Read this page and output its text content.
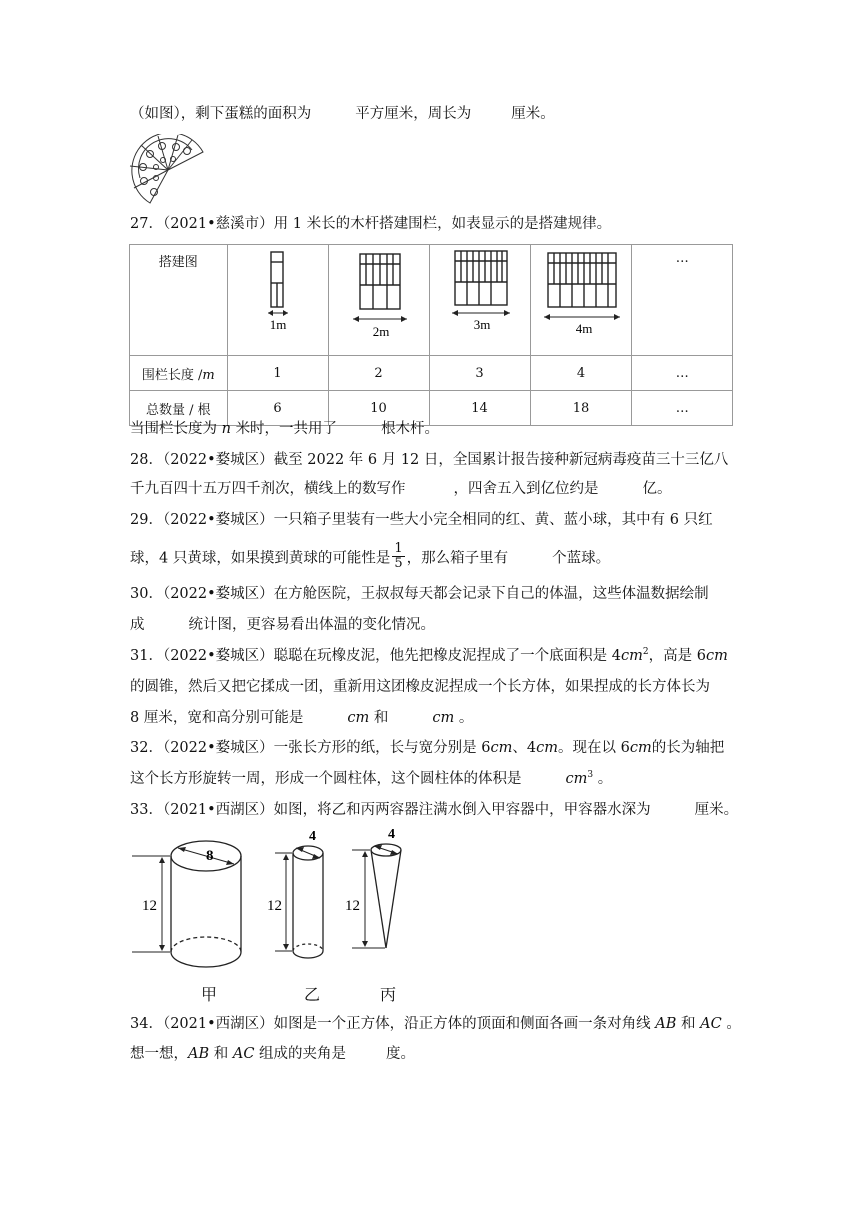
（如图），剩下蛋糕的面积为	平方厘米，周长为	厘米。
27．（2021•慈溪市）用 1 米长的木杆搭建围栏，如表显示的是搭建规律。
搭建图	1m	2m	3m	4m	…
围栏长度 /m	1	2	3	4	…
总数量 / 根	6	10	14	18	…
当围栏长度为 n 米时，一共用了	根木杆。
28．（2022•婺城区）截至 2022 年 6 月 12 日，全国累计报告接种新冠病毒疫苗三十三亿八
千九百四十五万四千剂次，横线上的数写作	，四舍五入到亿位约是	亿。
29．（2022•婺城区）一只箱子里装有一些大小完全相同的红、黄、蓝小球，其中有 6 只红
球，4 只黄球，如果摸到黄球的可能性是 $\frac{1}{5}$ ，那么箱子里有	个蓝球。
30．（2022•婺城区）在方舱医院，王叔叔每天都会记录下自己的体温，这些体温数据绘制
成	统计图，更容易看出体温的变化情况。
31．（2022•婺城区）聪聪在玩橡皮泥，他先把橡皮泥捏成了一个底面积是 $4cm^2$，高是 6cm
的圆锥，然后又把它揉成一团，重新用这团橡皮泥捏成一个长方体，如果捏成的长方体长为
8 厘米，宽和高分别可能是	cm 和	cm 。
32．（2022•婺城区）一张长方形的纸，长与宽分别是 6cm、4cm。现在以 6cm的长为轴把
这个长方形旋转一周，形成一个圆柱体，这个圆柱体的体积是	$cm^3$ 。
33．（2021•西湖区）如图，将乙和丙两容器注满水倒入甲容器中，甲容器水深为	厘米。
8
4	4
12	12	12
甲	乙	丙
34．（2021•西湖区）如图是一个正方体，沿正方体的顶面和侧面各画一条对角线 AB 和 AC 。
想一想，AB 和 AC 组成的夹角是	度。
